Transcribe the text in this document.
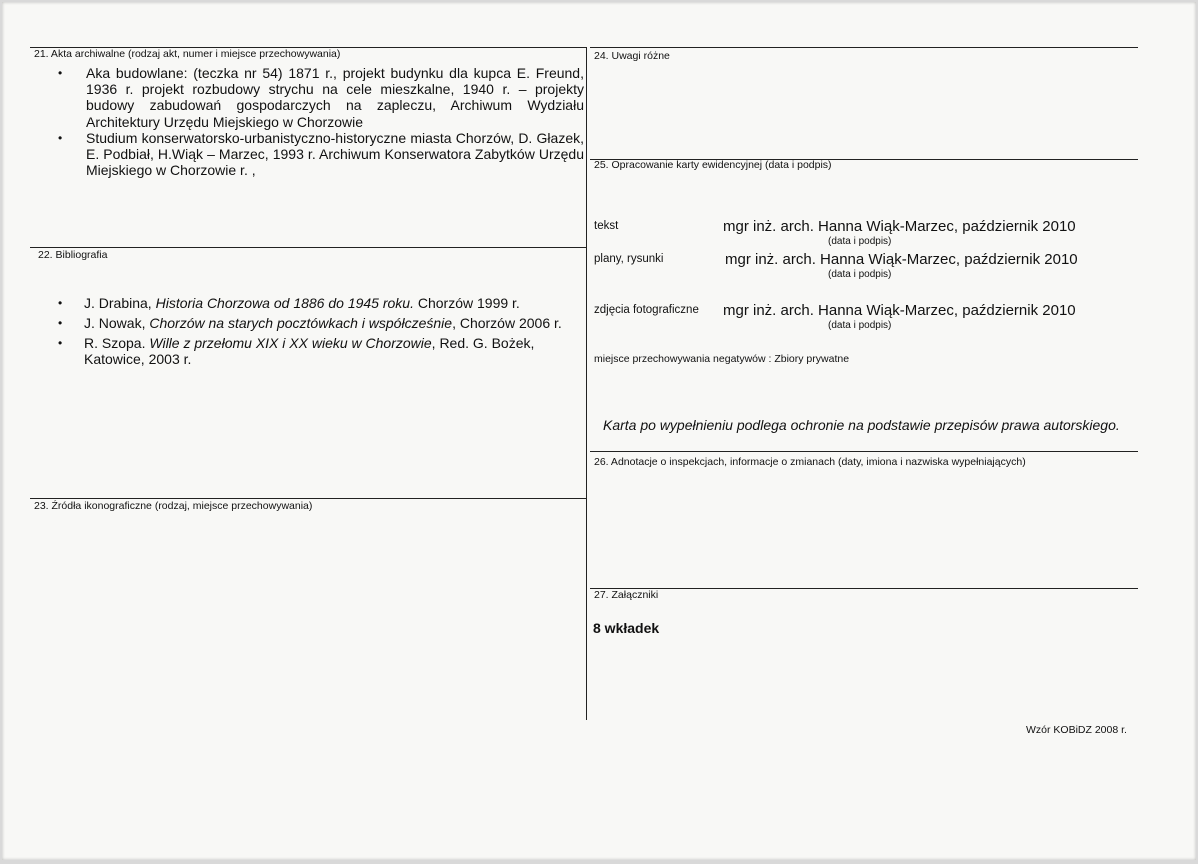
21. Akta archiwalne (rodzaj akt, numer i miejsce przechowywania)
• Aka budowlane: (teczka nr 54) 1871 r., projekt budynku dla kupca E. Freund, 1936 r. projekt rozbudowy strychu na cele mieszkalne, 1940 r. – projekty budowy zabudowań gospodarczych na zapleczu, Archiwum Wydziału Architektury Urzędu Miejskiego w Chorzowie
• Studium konserwatorsko-urbanistyczno-historyczne miasta Chorzów, D. Głazek, E. Podbiał, H.Wiąk – Marzec, 1993 r. Archiwum Konserwatora Zabytków Urzędu Miejskiego w Chorzowie r. ,
22. Bibliografia
• J. Drabina, Historia Chorzowa od 1886 do 1945 roku. Chorzów 1999 r.
• J. Nowak, Chorzów na starych pocztówkach i współcześnie, Chorzów 2006 r.
• R. Szopa. Wille z przełomu XIX i XX wieku w Chorzowie, Red. G. Bożek,
Katowice, 2003 r.
23. Źródła ikonograficzne (rodzaj, miejsce przechowywania)
24. Uwagi różne
25. Opracowanie karty ewidencyjnej (data i podpis)
tekst	mgr inż. arch. Hanna Wiąk-Marzec, październik 2010
(data i podpis)
plany, rysunki	mgr inż. arch. Hanna Wiąk-Marzec, październik 2010
(data i podpis)
zdjęcia fotograficzne mgr inż. arch. Hanna Wiąk-Marzec, październik 2010
(data i podpis)
miejsce przechowywania negatywów : Zbiory prywatne
Karta po wypełnieniu podlega ochronie na podstawie przepisów prawa autorskiego.
26. Adnotacje o inspekcjach, informacje o zmianach (daty, imiona i nazwiska wypełniających)
27. Załączniki
8 wkładek
Wzór KOBiDZ 2008 r.
